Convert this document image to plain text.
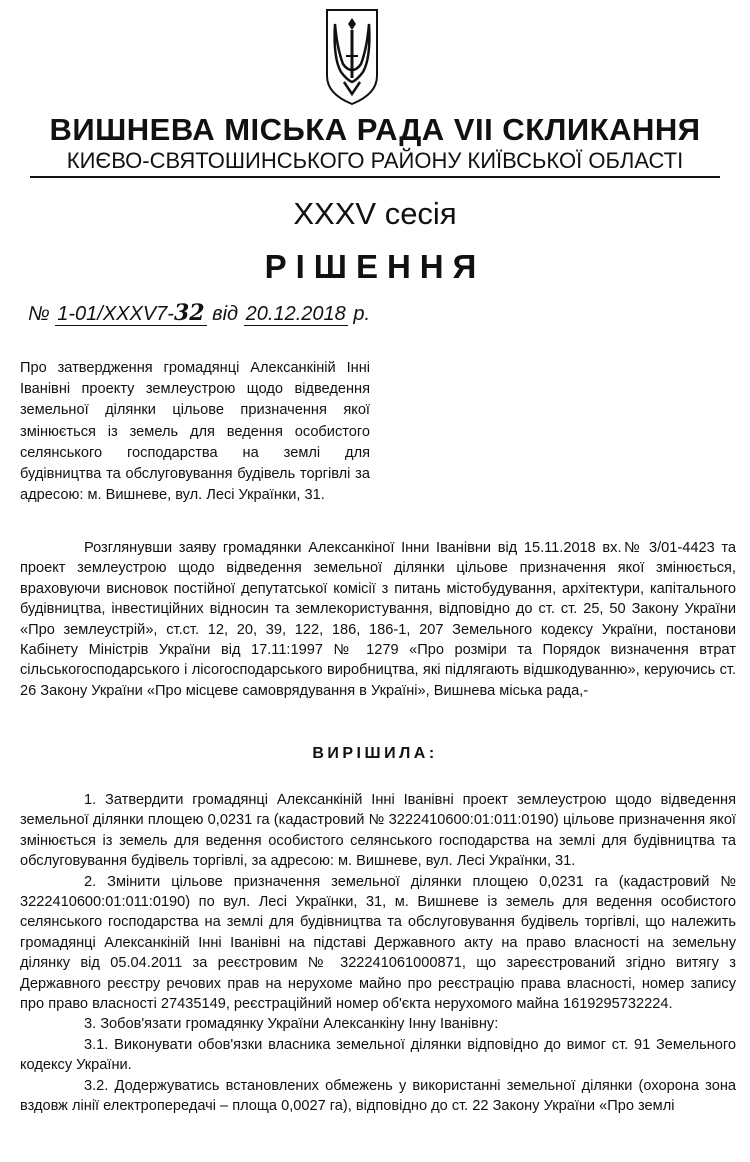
ВИШНЕВА МІСЬКА РАДА VII СКЛИКАННЯ
КИЄВО-СВЯТОШИНСЬКОГО РАЙОНУ КИЇВСЬКОЇ ОБЛАСТІ
XXXV сесія
РІШЕННЯ
№ 1-01/XXXV7-32 від 20.12.2018 р.

Про затвердження громадянці Алексанкіній Інні Іванівні проекту землеустрою щодо відведення земельної ділянки цільове призначення якої змінюється із земель для ведення особистого селянського господарства на землі для будівництва та обслуговування будівель торгівлі за адресою: м. Вишневе, вул. Лесі Українки, 31.

Розглянувши заяву громадянки Алексанкіної Інни Іванівни від 15.11.2018 вх.№ 3/01-4423 та проект землеустрою щодо відведення земельної ділянки цільове призначення якої змінюється, враховуючи висновок постійної депутатської комісії з питань містобудування, архітектури, капітального будівництва, інвестиційних відносин та землекористування, відповідно до ст. ст. 25, 50 Закону України «Про землеустрій», ст.ст. 12, 20, 39, 122, 186, 186-1, 207 Земельного кодексу України, постанови Кабінету Міністрів України від 17.11:1997 № 1279 «Про розміри та Порядок визначення втрат сільськогосподарського і лісогосподарського виробництва, які підлягають відшкодуванню», керуючись ст. 26 Закону України «Про місцеве самоврядування в Україні», Вишнева міська рада,-

ВИРІШИЛА:

1. Затвердити громадянці Алексанкіній Інні Іванівні проект землеустрою щодо відведення земельної ділянки площею 0,0231 га (кадастровий № 3222410600:01:011:0190) цільове призначення якої змінюється із земель для ведення особистого селянського господарства на землі для будівництва та обслуговування будівель торгівлі, за адресою: м. Вишневе, вул. Лесі Українки, 31.

2. Змінити цільове призначення земельної ділянки площею 0,0231 га (кадастровий № 3222410600:01:011:0190) по вул. Лесі Українки, 31, м. Вишневе із земель для ведення особистого селянського господарства на землі для будівництва та обслуговування будівель торгівлі, що належить громадянці Алексанкіній Інні Іванівні на підставі Державного акту на право власності на земельну ділянку від 05.04.2011 за реєстровим № 322241061000871, що зареєстрований згідно витягу з Державного реєстру речових прав на нерухоме майно про реєстрацію права власності, номер запису про право власності 27435149, реєстраційний номер об'єкта нерухомого майна 1619295732224.

3. Зобов'язати громадянку України Алексанкіну Інну Іванівну:

3.1. Виконувати обов'язки власника земельної ділянки відповідно до вимог ст. 91 Земельного кодексу України.

3.2. Додержуватись встановлених обмежень у використанні земельної ділянки (охорона зона вздовж лінії електропередачі – площа 0,0027 га), відповідно до ст. 22 Закону України «Про землі
